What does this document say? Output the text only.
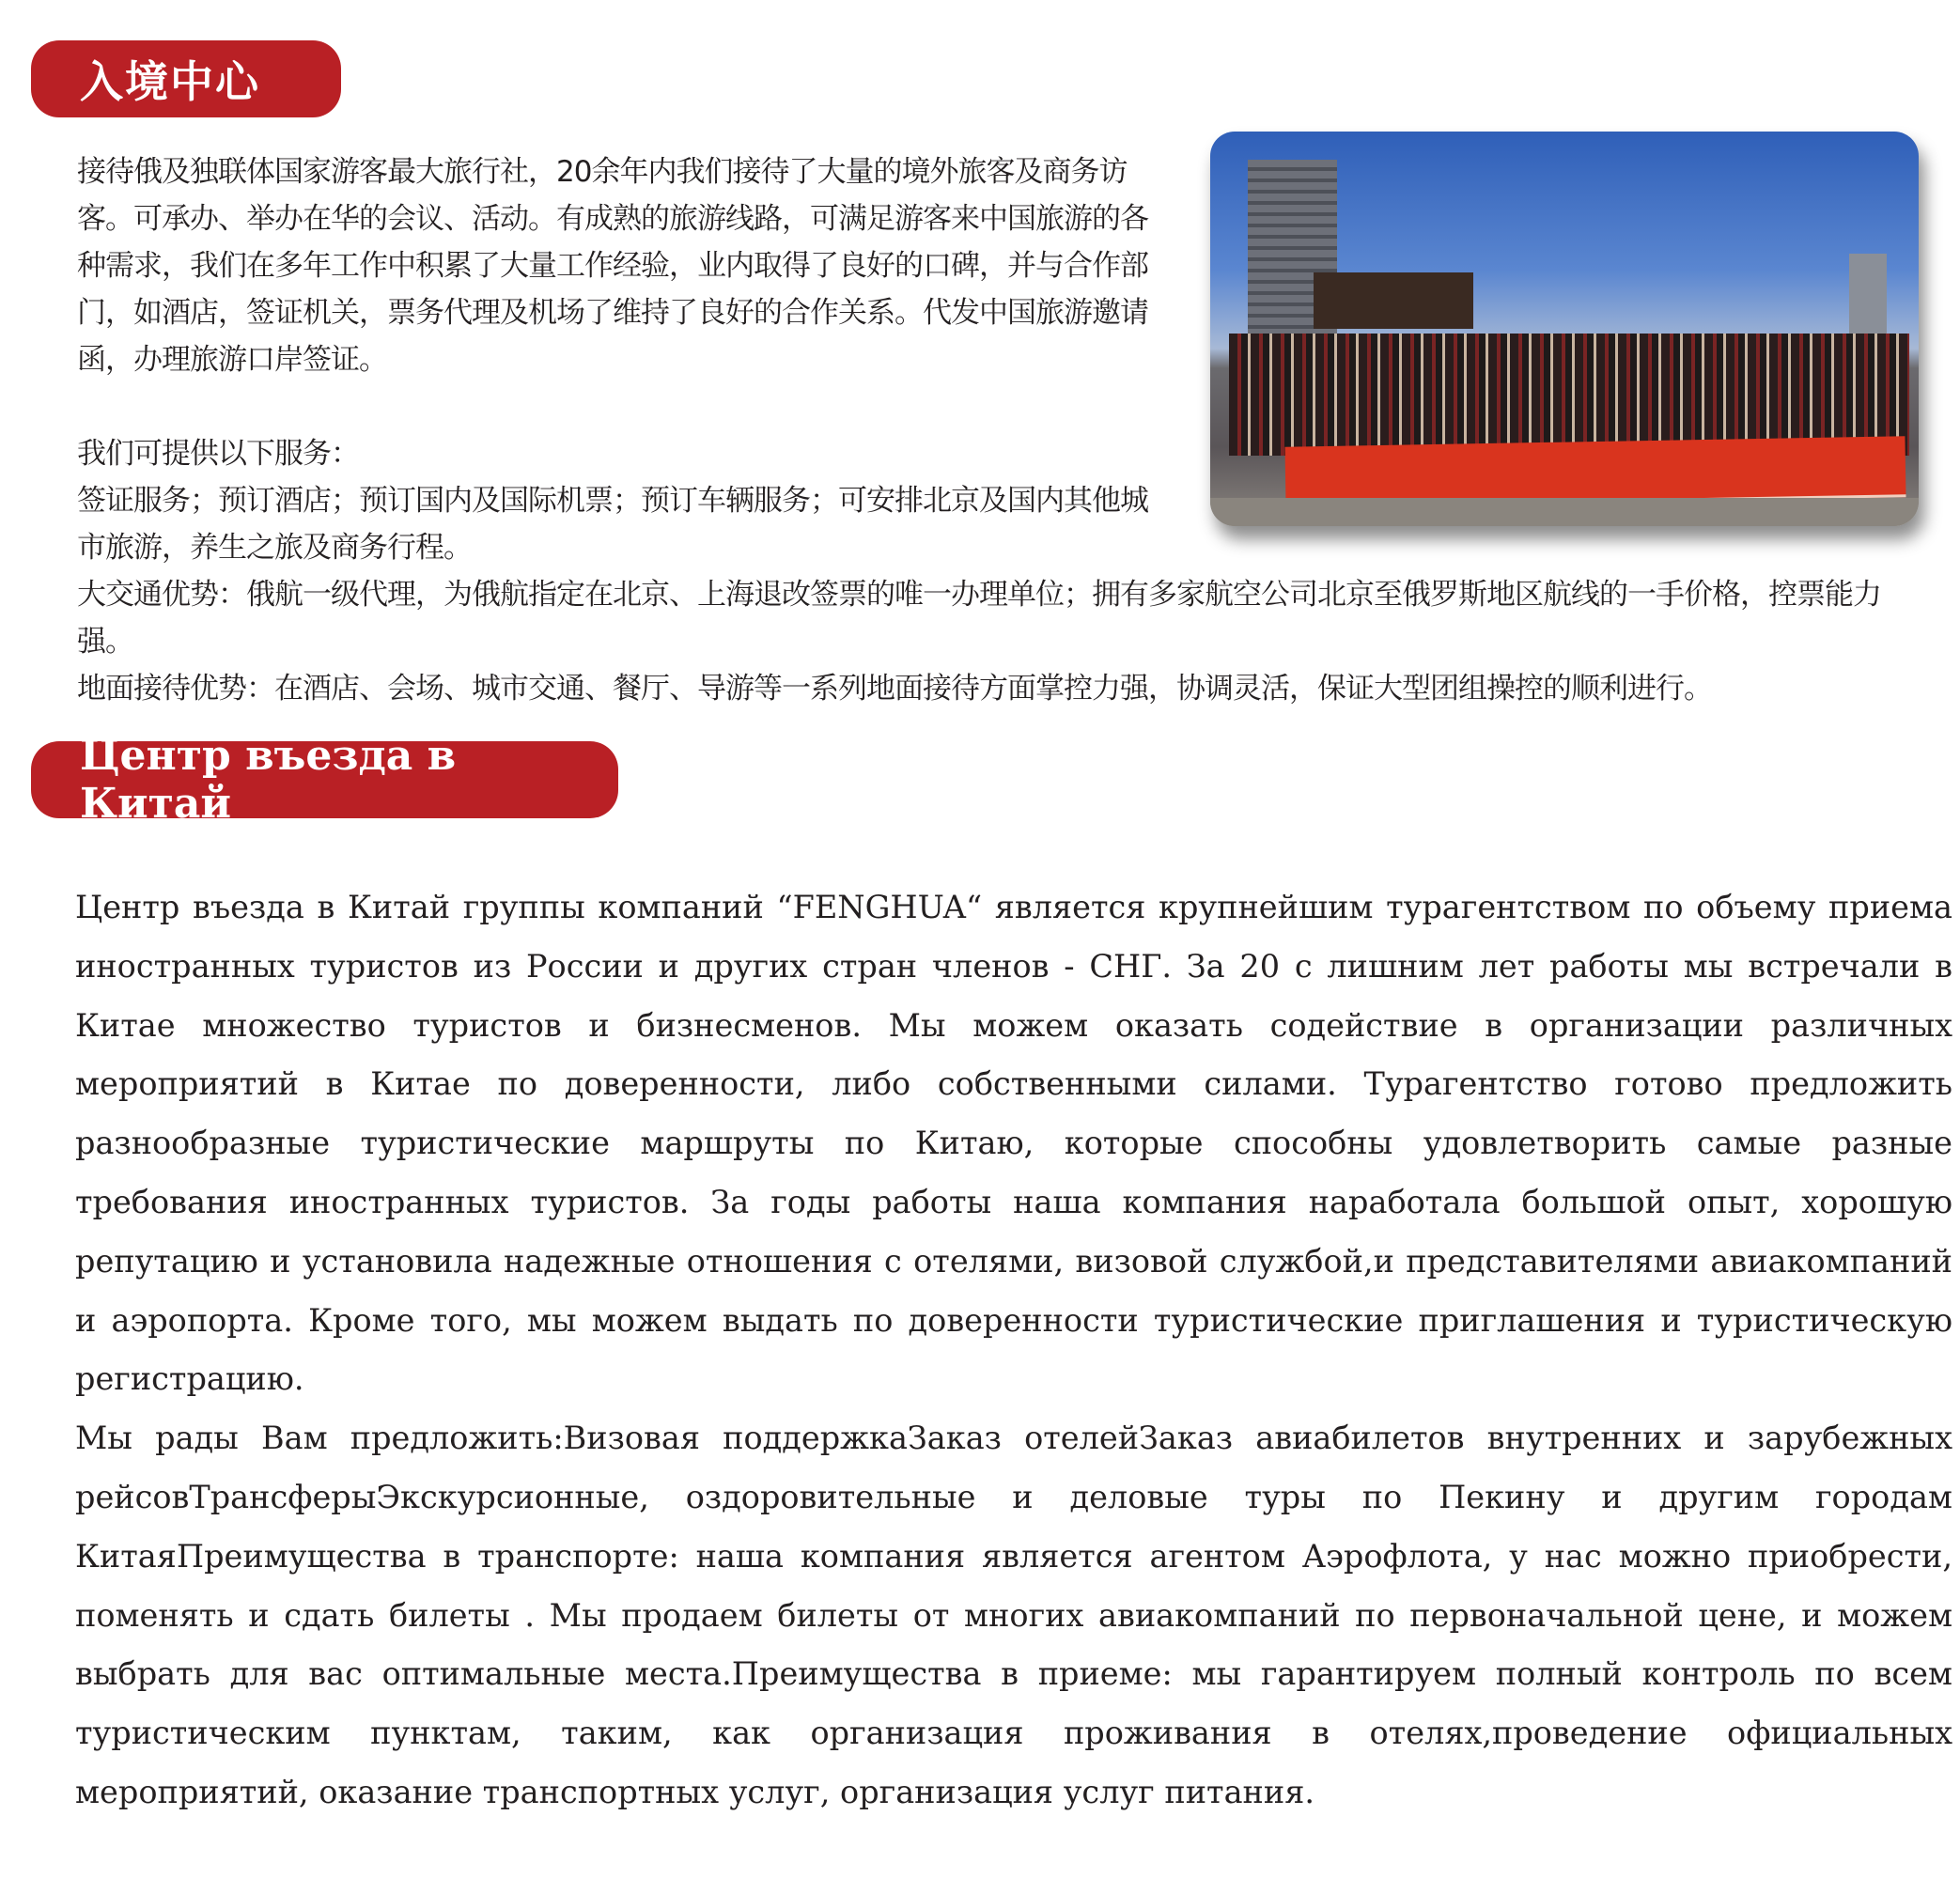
入境中心

接待俄及独联体国家游客最大旅行社，20余年内我们接待了大量的境外旅客及商务访客。可承办、举办在华的会议、活动。有成熟的旅游线路，可满足游客来中国旅游的各种需求，我们在多年工作中积累了大量工作经验，业内取得了良好的口碑，并与合作部门，如酒店，签证机关，票务代理及机场了维持了良好的合作关系。代发中国旅游邀请函，办理旅游口岸签证。

我们可提供以下服务：

签证服务；预订酒店；预订国内及国际机票；预订车辆服务；可安排北京及国内其他城市旅游，养生之旅及商务行程。

大交通优势：俄航一级代理，为俄航指定在北京、上海退改签票的唯一办理单位；拥有多家航空公司北京至俄罗斯地区航线的一手价格，控票能力强。

地面接待优势：在酒店、会场、城市交通、餐厅、导游等一系列地面接待方面掌控力强，协调灵活，保证大型团组操控的顺利进行。

Центр въезда в Китай

Центр въезда в Китай группы компаний “FENGHUA“ является крупнейшим турагентством по объему приема иностранных туристов из России и других стран членов - СНГ. За 20 с лишним лет работы мы встречали в Китае множество туристов и бизнесменов. Мы можем оказать содействие в организации различных мероприятий в Китае по доверенности, либо собственными силами. Турагентство готово предложить разнообразные туристические маршруты по Китаю, которые способны удовлетворить самые разные требования иностранных туристов. За годы работы наша компания наработала большой опыт, хорошую репутацию и установила надежные отношения с отелями, визовой службой,и представителями авиакомпаний и аэропорта. Кроме того, мы можем выдать по доверенности туристические приглашения и туристическую регистрацию.

Мы рады Вам предложить:Визовая поддержкаЗаказ отелейЗаказ авиабилетов внутренних и зарубежных рейсовТрансферыЭкскурсионные, оздоровительные и деловые туры по Пекину и другим городам КитаяПреимущества в транспорте: наша компания является агентом Аэрофлота, у нас можно приобрести, поменять и сдать билеты . Мы продаем билеты от многих авиакомпаний по первоначальной цене, и можем выбрать для вас оптимальные места.Преимущества в приеме: мы гарантируем полный контроль по всем туристическим пунктам, таким, как организация проживания в отелях,проведение официальных мероприятий, оказание транспортных услуг, организация услуг питания.
